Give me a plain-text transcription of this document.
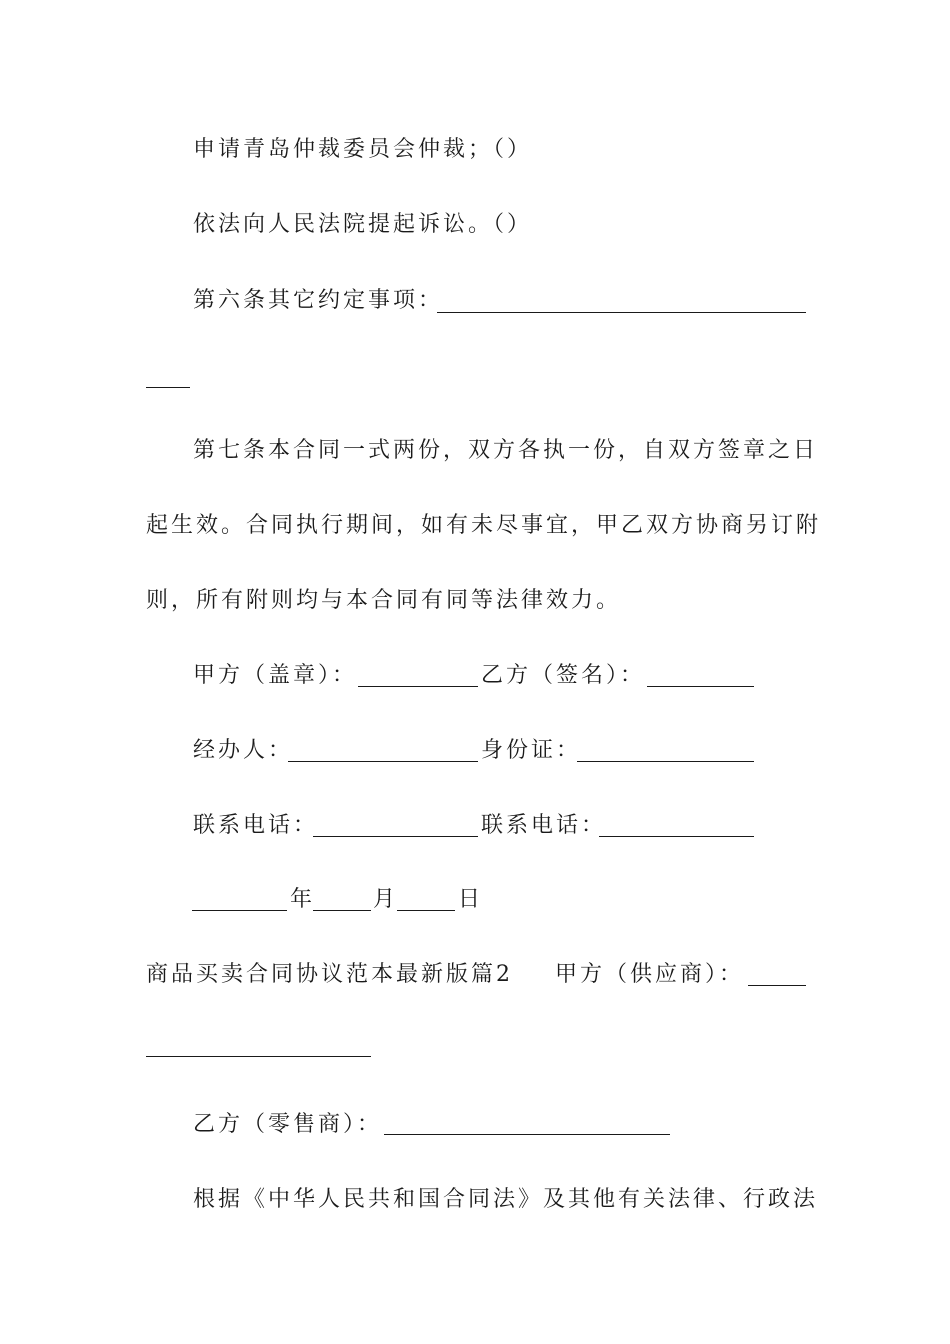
申请青岛仲裁委员会仲裁；（）
依法向人民法院提起诉讼。（）
第六条其它约定事项：
第七条本合同一式两份，双方各执一份，自双方签章之日
起生效。合同执行期间，如有未尽事宜，甲乙双方协商另订附
则，所有附则均与本合同有同等法律效力。
甲方（盖章）：	乙方（签名）：
经办人：	身份证：
联系电话：	联系电话：
年	月	日
商品买卖合同协议范本最新版篇2 甲方（供应商）：
乙方（零售商）：
根据《中华人民共和国合同法》及其他有关法律、行政法
